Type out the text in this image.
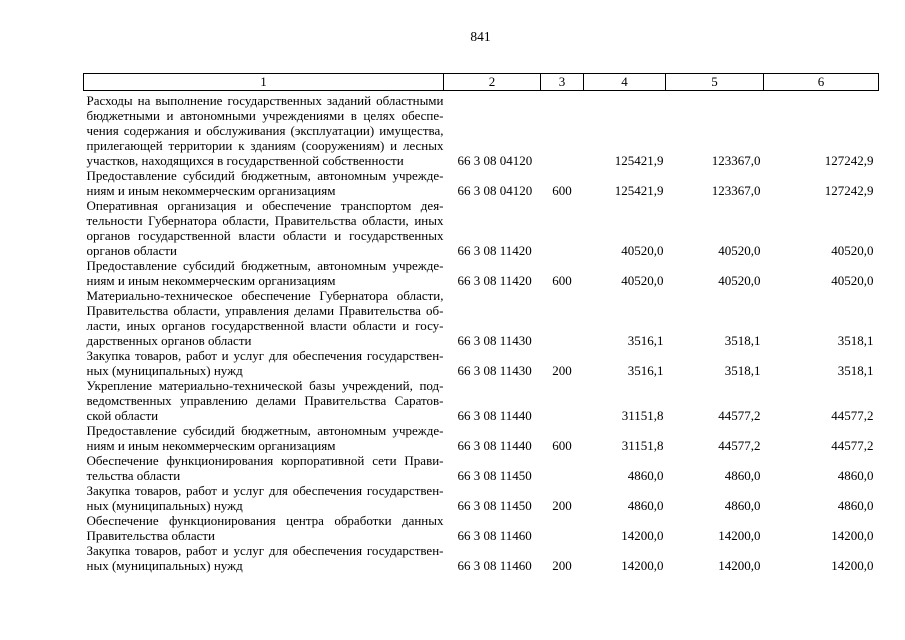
841
1	2	3	4	5	6

Расходы на выполнение государственных заданий областными
бюджетными и автономными учреждениями в целях обеспе-
чения содержания и обслуживания (эксплуатации) имущества,
прилегающей территории к зданиям (сооружениям) и лесных
участков, находящихся в государственной собственности	66 3 08 04120		125421,9	123367,0	127242,9

Предоставление субсидий бюджетным, автономным учрежде-
ниям и иным некоммерческим организациям	66 3 08 04120	600	125421,9	123367,0	127242,9

Оперативная организация и обеспечение транспортом дея-
тельности Губернатора области, Правительства области, иных
органов государственной власти области и государственных
органов области	66 3 08 11420		40520,0	40520,0	40520,0

Предоставление субсидий бюджетным, автономным учрежде-
ниям и иным некоммерческим организациям	66 3 08 11420	600	40520,0	40520,0	40520,0

Материально-техническое обеспечение Губернатора области,
Правительства области, управления делами Правительства об-
ласти, иных органов государственной власти области и госу-
дарственных органов области	66 3 08 11430		3516,1	3518,1	3518,1

Закупка товаров, работ и услуг для обеспечения государствен-
ных (муниципальных) нужд	66 3 08 11430	200	3516,1	3518,1	3518,1

Укрепление материально-технической базы учреждений, под-
ведомственных управлению делами Правительства Саратов-
ской области	66 3 08 11440		31151,8	44577,2	44577,2

Предоставление субсидий бюджетным, автономным учрежде-
ниям и иным некоммерческим организациям	66 3 08 11440	600	31151,8	44577,2	44577,2

Обеспечение функционирования корпоративной сети Прави-
тельства области	66 3 08 11450		4860,0	4860,0	4860,0

Закупка товаров, работ и услуг для обеспечения государствен-
ных (муниципальных) нужд	66 3 08 11450	200	4860,0	4860,0	4860,0

Обеспечение функционирования центра обработки данных
Правительства области	66 3 08 11460		14200,0	14200,0	14200,0

Закупка товаров, работ и услуг для обеспечения государствен-
ных (муниципальных) нужд	66 3 08 11460	200	14200,0	14200,0	14200,0
